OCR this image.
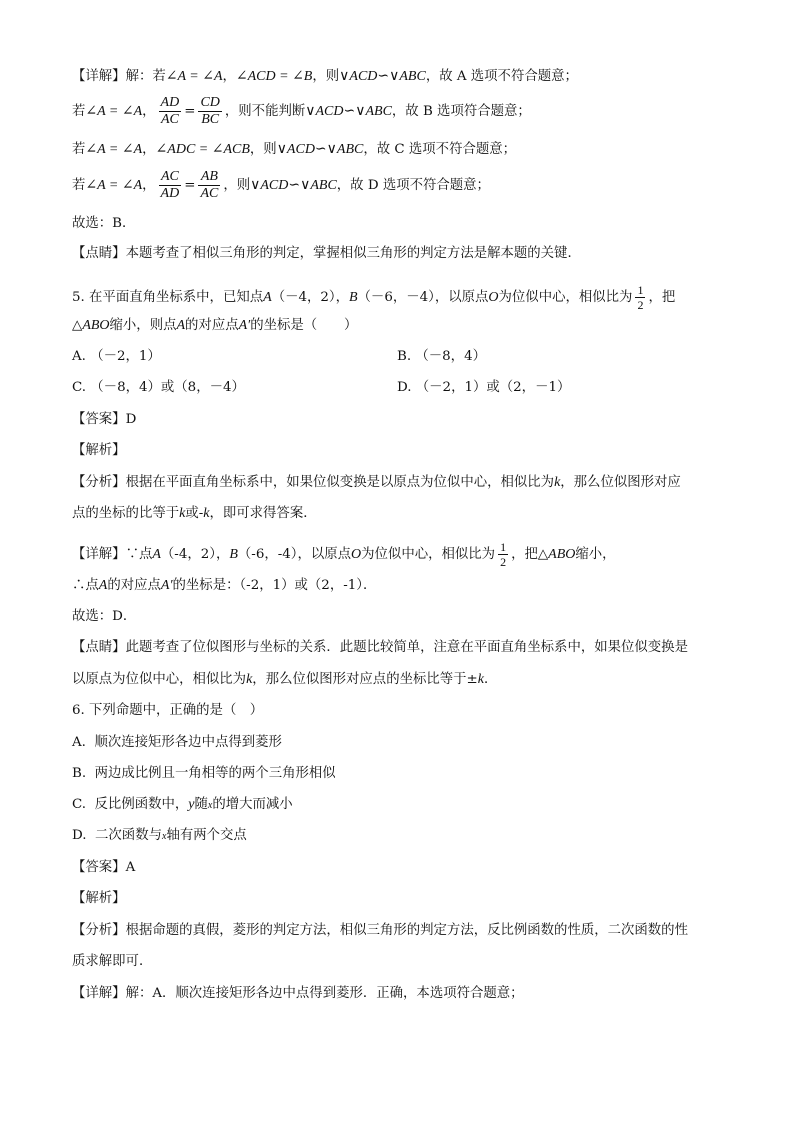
【详解】解：若∠A = ∠A，∠ACD = ∠B，则∨ACD∽∨ABC，故 A 选项不符合题意；
若∠A = ∠A， $\frac{AD}{AC} = \frac{CD}{BC}$ ，则不能判断∨ACD∽∨ABC，故 B 选项符合题意；
若∠A = ∠A，∠ADC = ∠ACB，则∨ACD∽∨ABC，故 C 选项不符合题意；
若∠A = ∠A， $\frac{AC}{AD} = \frac{AB}{AC}$ ，则∨ACD∽∨ABC，故 D 选项不符合题意；
故选：B．
【点睛】本题考查了相似三角形的判定，掌握相似三角形的判定方法是解本题的关键．
5. 在平面直角坐标系中，已知点A（－4，2），B（－6，－4），以原点O为位似中心，相似比为 $\frac{1}{2}$ ，把
△ABO缩小，则点A的对应点A′的坐标是（　　）
A. （－2，1）	B. （－8，4）
C. （－8，4）或（8，－4）	D. （－2，1）或（2，－1）
【答案】D
【解析】
【分析】根据在平面直角坐标系中，如果位似变换是以原点为位似中心，相似比为k，那么位似图形对应
点的坐标的比等于k或-k，即可求得答案．
【详解】∵点A（-4，2），B（-6，-4），以原点O为位似中心，相似比为 $\frac{1}{2}$ ，把△ABO缩小，
∴点A的对应点A′的坐标是：（-2，1）或（2，-1）．
故选：D．
【点睛】此题考查了位似图形与坐标的关系．此题比较简单，注意在平面直角坐标系中，如果位似变换是
以原点为位似中心，相似比为k，那么位似图形对应点的坐标比等于±k．
6. 下列命题中，正确的是（　）
A. 顺次连接矩形各边中点得到菱形
B. 两边成比例且一角相等的两个三角形相似
C. 反比例函数中，y随x的增大而减小
D. 二次函数与x轴有两个交点
【答案】A
【解析】
【分析】根据命题的真假，菱形的判定方法，相似三角形的判定方法，反比例函数的性质，二次函数的性
质求解即可．
【详解】解：A．顺次连接矩形各边中点得到菱形．正确，本选项符合题意；
